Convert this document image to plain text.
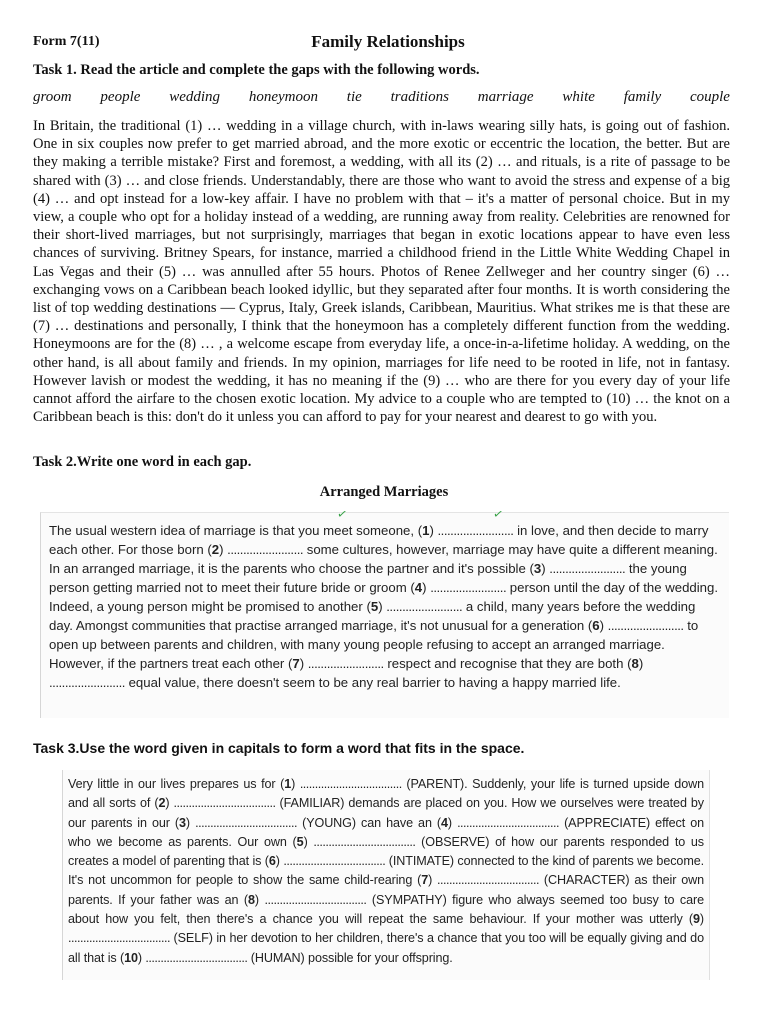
Form 7(11)	Family Relationships
Task 1. Read the article and complete the gaps with the following words.
groom people wedding honeymoon tie traditions marriage white family couple

In Britain, the traditional (1) … wedding in a village church, with in-laws wearing silly hats, is going out of fashion. One in six couples now prefer to get married abroad, and the more exotic or eccentric the location, the better. But are they making a terrible mistake? First and foremost, a wedding, with all its (2) … and rituals, is a rite of passage to be shared with (3) … and close friends. Understandably, there are those who want to avoid the stress and expense of a big (4) … and opt instead for a low-key affair. I have no problem with that – it's a matter of personal choice. But in my view, a couple who opt for a holiday instead of a wedding, are running away from reality. Celebrities are renowned for their short-lived marriages, but not surprisingly, marriages that began in exotic locations appear to have even less chances of surviving. Britney Spears, for instance, married a childhood friend in the Little White Wedding Chapel in Las Vegas and their (5) … was annulled after 55 hours. Photos of Renee Zellweger and her country singer (6) … exchanging vows on a Caribbean beach looked idyllic, but they separated after four months. It is worth considering the list of top wedding destinations — Cyprus, Italy, Greek islands, Caribbean, Mauritius. What strikes me is that these are (7) … destinations and personally, I think that the honeymoon has a completely different function from the wedding. Honeymoons are for the (8) … , a welcome escape from everyday life, a once-in-a-lifetime holiday. A wedding, on the other hand, is all about family and friends. In my opinion, marriages for life need to be rooted in life, not in fantasy. However lavish or modest the wedding, it has no meaning if the (9) … who are there for you every day of your life cannot afford the airfare to the chosen exotic location. My advice to a couple who are tempted to (10) … the knot on a Caribbean beach is this: don't do it unless you can afford to pay for your nearest and dearest to go with you.

Task 2.Write one word in each gap.
Arranged Marriages
✓	✓

The usual western idea of marriage is that you meet someone, (1) ........................ in love, and then decide to marry each other. For those born (2) ........................ some cultures, however, marriage may have quite a different meaning. In an arranged marriage, it is the parents who choose the partner and it's possible (3) ........................ the young person getting married not to meet their future bride or groom (4) ........................ person until the day of the wedding. Indeed, a young person might be promised to another (5) ........................ a child, many years before the wedding day. Amongst communities that practise arranged marriage, it's not unusual for a generation (6) ........................ to open up between parents and children, with many young people refusing to accept an arranged marriage. However, if the partners treat each other (7) ........................ respect and recognise that they are both (8) ........................ equal value, there doesn't seem to be any real barrier to having a happy married life.

Task 3.Use the word given in capitals to form a word that fits in the space.

Very little in our lives prepares us for (1) .................................. (PARENT). Suddenly, your life is turned upside down and all sorts of (2) .................................. (FAMILIAR) demands are placed on you. How we ourselves were treated by our parents in our (3) .................................. (YOUNG) can have an (4) .................................. (APPRECIATE) effect on who we become as parents. Our own (5) .................................. (OBSERVE) of how our parents responded to us creates a model of parenting that is (6) .................................. (INTIMATE) connected to the kind of parents we become. It's not uncommon for people to show the same child-rearing (7) .................................. (CHARACTER) as their own parents. If your father was an (8) .................................. (SYMPATHY) figure who always seemed too busy to care about how you felt, then there's a chance you will repeat the same behaviour. If your mother was utterly (9) .................................. (SELF) in her devotion to her children, there's a chance that you too will be equally giving and do all that is (10) .................................. (HUMAN) possible for your offspring.
